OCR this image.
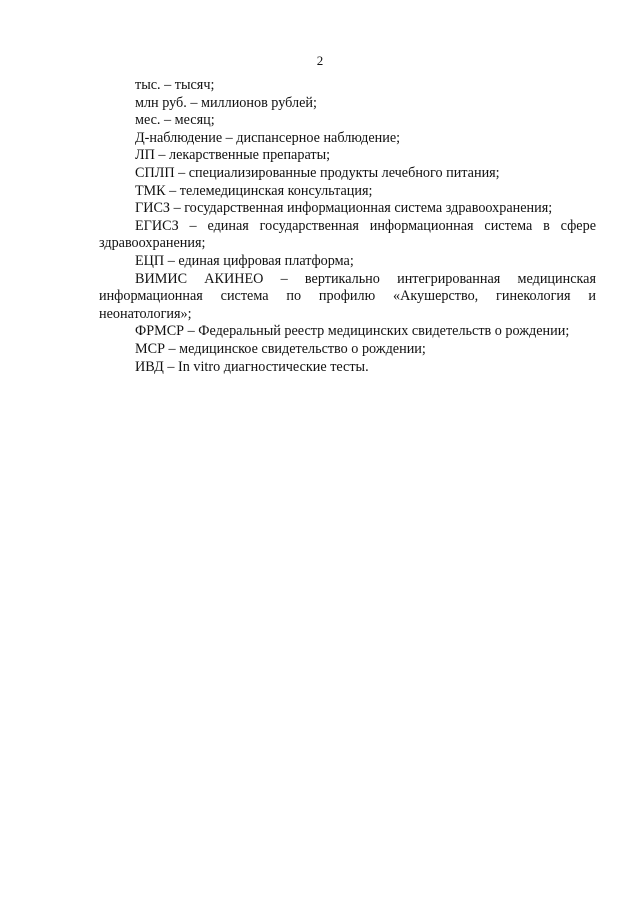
2
тыс. – тысяч;
млн руб. – миллионов рублей;
мес. – месяц;
Д-наблюдение – диспансерное наблюдение;
ЛП – лекарственные препараты;
СПЛП – специализированные продукты лечебного питания;
ТМК – телемедицинская консультация;
ГИСЗ – государственная информационная система здравоохранения;
ЕГИСЗ – единая государственная информационная система в сфере
здравоохранения;
ЕЦП – единая цифровая платформа;
ВИМИС АКИНЕО – вертикально интегрированная медицинская
информационная система по профилю «Акушерство, гинекология и
неонатология»;
ФРМСР – Федеральный реестр медицинских свидетельств о рождении;
МСР – медицинское свидетельство о рождении;
ИВД – In vitro диагностические тесты.
